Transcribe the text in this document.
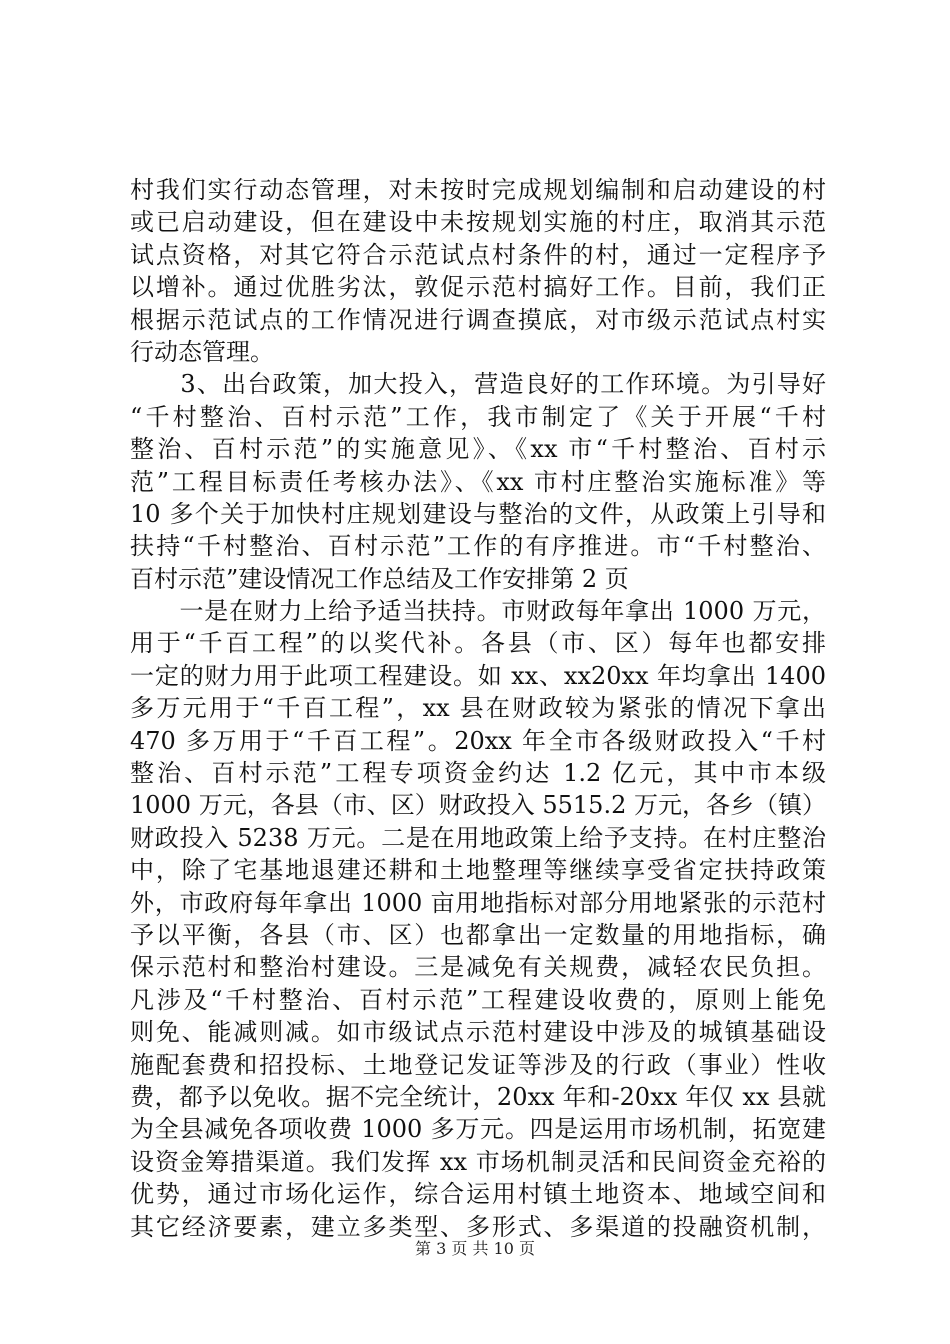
村我们实行动态管理，对未按时完成规划编制和启动建设的村
或已启动建设，但在建设中未按规划实施的村庄，取消其示范
试点资格，对其它符合示范试点村条件的村，通过一定程序予
以增补。通过优胜劣汰，敦促示范村搞好工作。目前，我们正
根据示范试点的工作情况进行调查摸底，对市级示范试点村实
行动态管理。
　　3、出台政策，加大投入，营造良好的工作环境。为引导好
“千村整治、百村示范”工作，我市制定了《关于开展“千村
整治、百村示范”的实施意见》、《xx 市“千村整治、百村示
范”工程目标责任考核办法》、《xx 市村庄整治实施标准》等
10 多个关于加快村庄规划建设与整治的文件，从政策上引导和
扶持“千村整治、百村示范”工作的有序推进。市“千村整治、
百村示范”建设情况工作总结及工作安排第 2 页
　　一是在财力上给予适当扶持。市财政每年拿出 1000 万元，
用于“千百工程”的以奖代补。各县（市、区）每年也都安排
一定的财力用于此项工程建设。如 xx、xx20xx 年均拿出 1400
多万元用于“千百工程”，xx 县在财政较为紧张的情况下拿出
470 多万用于“千百工程”。20xx 年全市各级财政投入“千村
整治、百村示范”工程专项资金约达 1.2 亿元，其中市本级
1000 万元，各县（市、区）财政投入 5515.2 万元，各乡（镇）
财政投入 5238 万元。二是在用地政策上给予支持。在村庄整治
中，除了宅基地退建还耕和土地整理等继续享受省定扶持政策
外，市政府每年拿出 1000 亩用地指标对部分用地紧张的示范村
予以平衡，各县（市、区）也都拿出一定数量的用地指标，确
保示范村和整治村建设。三是减免有关规费，减轻农民负担。
凡涉及“千村整治、百村示范”工程建设收费的，原则上能免
则免、能减则减。如市级试点示范村建设中涉及的城镇基础设
施配套费和招投标、土地登记发证等涉及的行政（事业）性收
费，都予以免收。据不完全统计，20xx 年和-20xx 年仅 xx 县就
为全县减免各项收费 1000 多万元。四是运用市场机制，拓宽建
设资金筹措渠道。我们发挥 xx 市场机制灵活和民间资金充裕的
优势，通过市场化运作，综合运用村镇土地资本、地域空间和
其它经济要素，建立多类型、多形式、多渠道的投融资机制，
第 3 页 共 10 页
